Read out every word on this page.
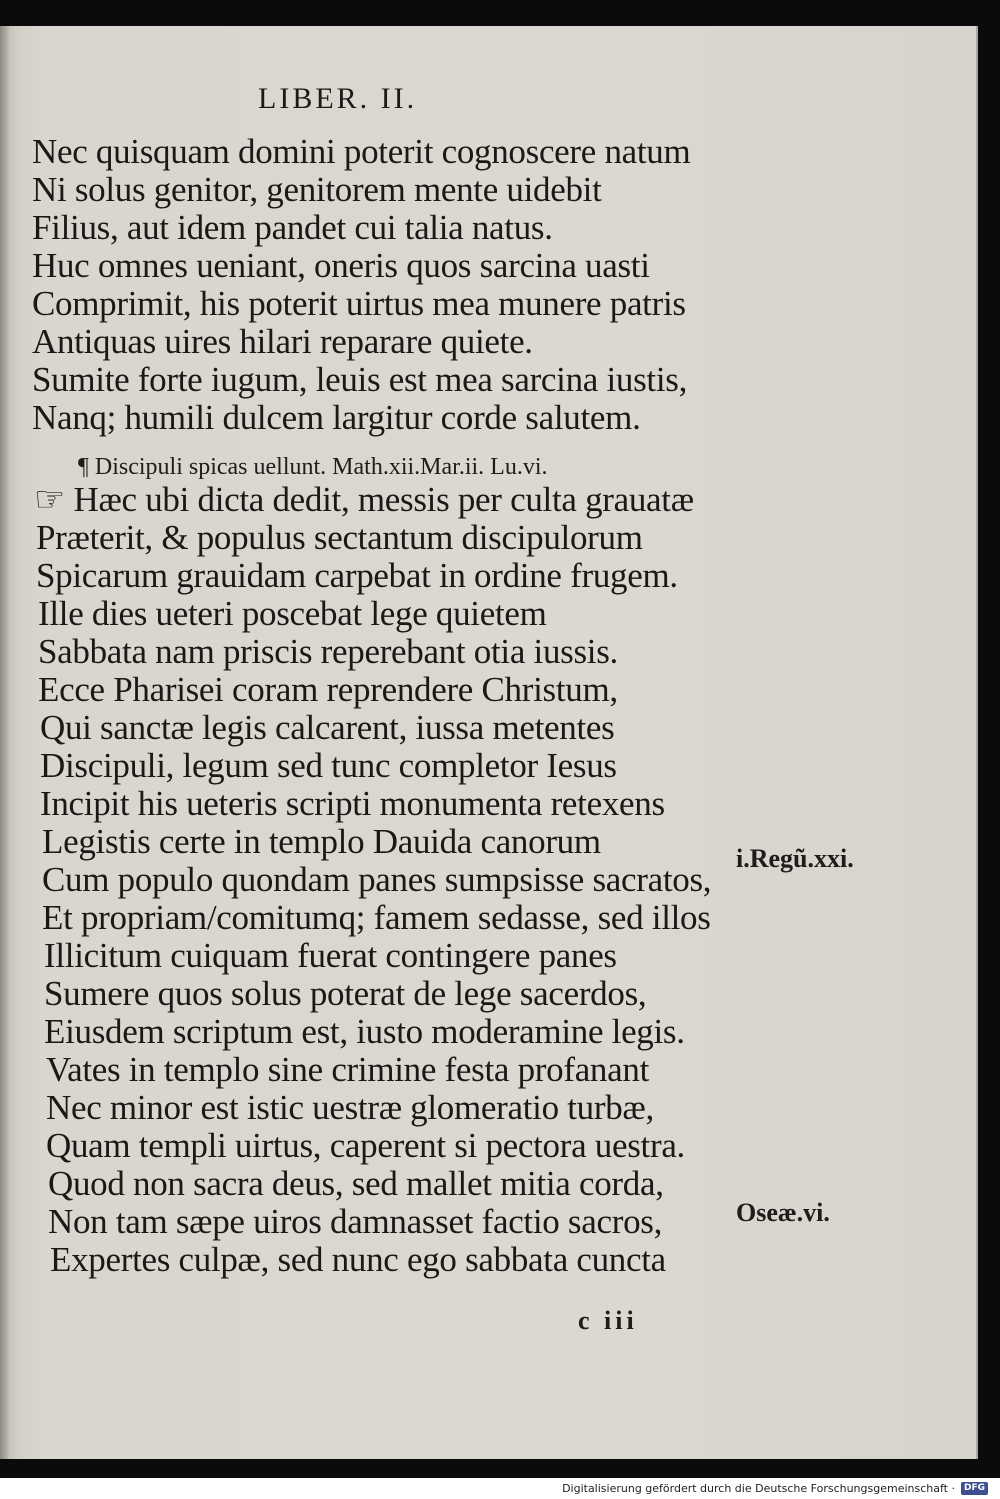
LIBER. II.
Nec quisquam domini poterit cognoscere natum
Ni solus genitor, genitorem mente uidebit
Filius, aut idem pandet cui talia natus.
Huc omnes ueniant, oneris quos sarcina uasti
Comprimit, his poterit uirtus mea munere patris
Antiquas uires hilari reparare quiete.
Sumite forte iugum, leuis est mea sarcina iustis,
Nanq; humili dulcem largitur corde salutem.
¶ Discipuli spicas uellunt. Math.xii.Mar.ii. Lu.vi.
☞ Hæc ubi dicta dedit, messis per culta grauatæ
Præterit, & populus sectantum discipulorum
Spicarum grauidam carpebat in ordine frugem.
Ille dies ueteri poscebat lege quietem
Sabbata nam priscis reperebant otia iussis.
Ecce Pharisei coram reprendere Christum,
Qui sanctæ legis calcarent, iussa metentes
Discipuli, legum sed tunc completor Iesus
Incipit his ueteris scripti monumenta retexens
Legistis certe in templo Dauida canorum
Cum populo quondam panes sumpsisse sacratos,
Et propriam/comitumq; famem sedasse, sed illos
Illicitum cuiquam fuerat contingere panes
Sumere quos solus poterat de lege sacerdos,
Eiusdem scriptum est, iusto moderamine legis.
Vates in templo sine crimine festa profanant
Nec minor est istic uestræ glomeratio turbæ,
Quam templi uirtus, caperent si pectora uestra.
Quod non sacra deus, sed mallet mitia corda,
Non tam sæpe uiros damnasset factio sacros,
Expertes culpæ, sed nunc ego sabbata cuncta
i.Regũ.xxi.
Oseæ.vi.
c iii
Digitalisierung gefördert durch die Deutsche Forschungsgemeinschaft ·	DFG
